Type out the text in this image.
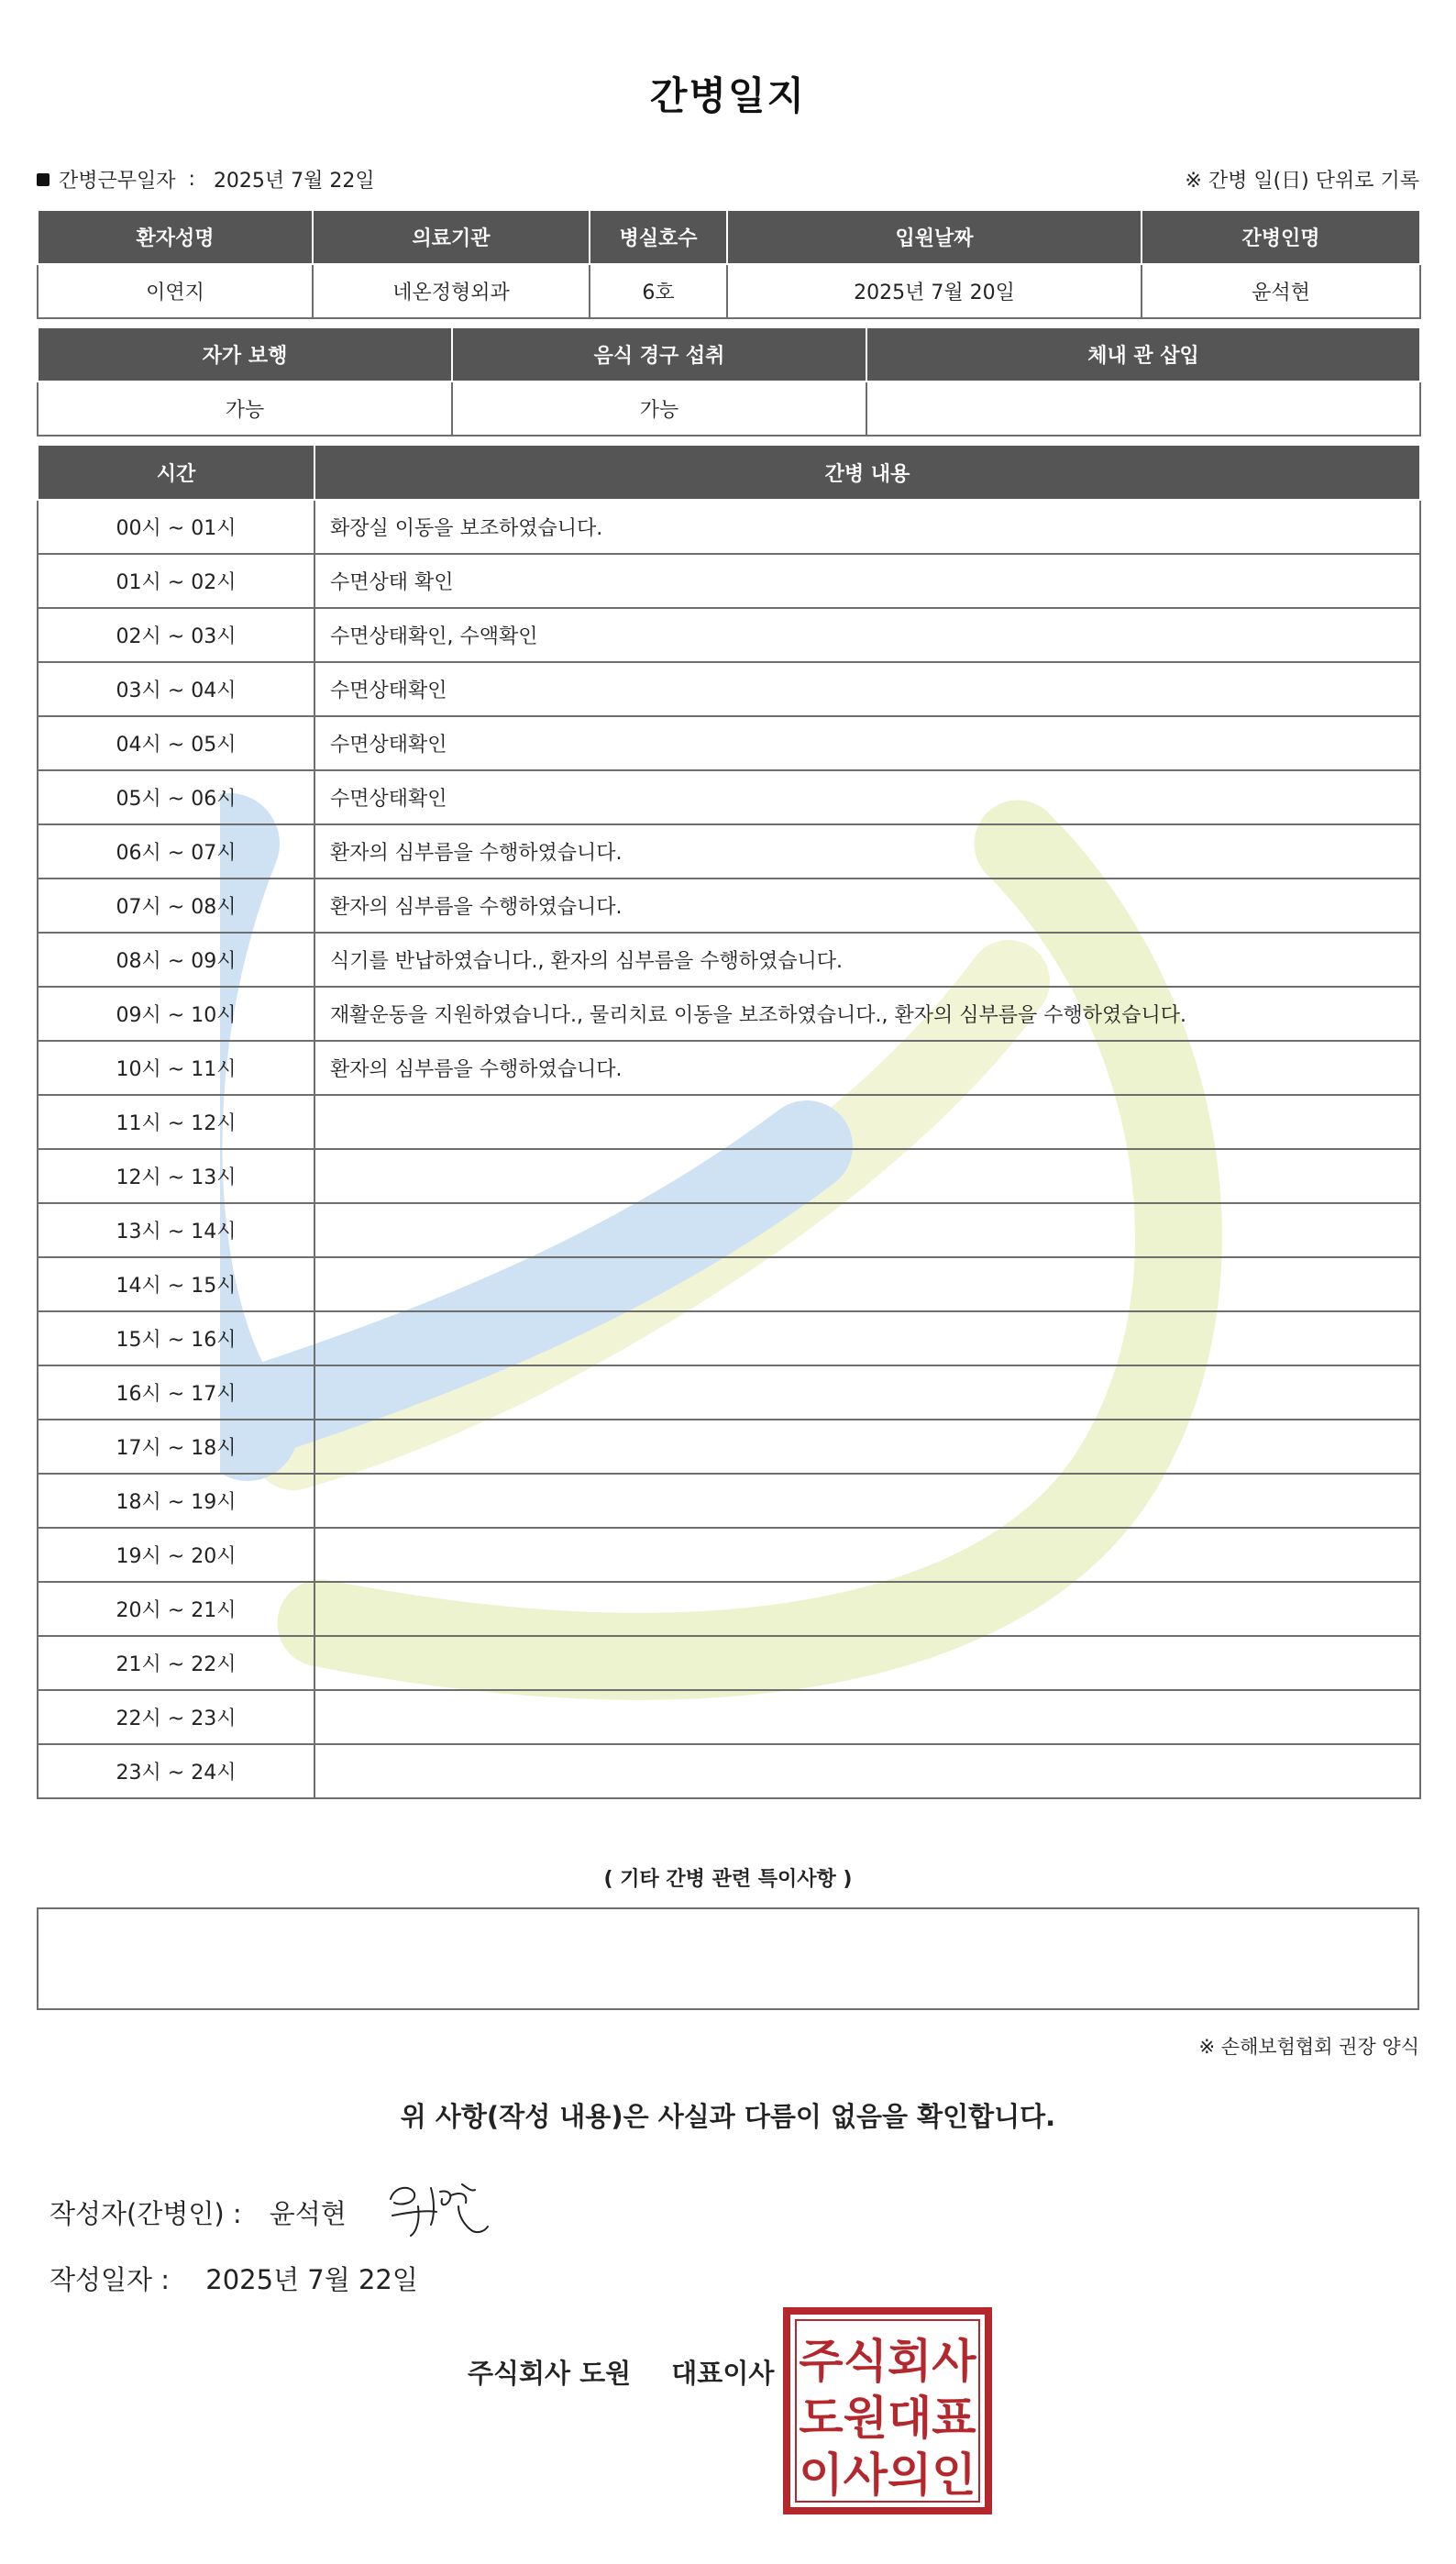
간병일지
간병근무일자 : 2025년 7월 22일	※ 간병 일(日) 단위로 기록
환자성명	의료기관	병실호수	입원날짜	간병인명
이연지	네온정형외과	6호	2025년 7월 20일	윤석현
자가 보행	음식 경구 섭취	체내 관 삽입
가능	가능	
시간	간병 내용
00시 ~ 01시	화장실 이동을 보조하였습니다.
01시 ~ 02시	수면상태 확인
02시 ~ 03시	수면상태확인, 수액확인
03시 ~ 04시	수면상태확인
04시 ~ 05시	수면상태확인
05시 ~ 06시	수면상태확인
06시 ~ 07시	환자의 심부름을 수행하였습니다.
07시 ~ 08시	환자의 심부름을 수행하였습니다.
08시 ~ 09시	식기를 반납하였습니다., 환자의 심부름을 수행하였습니다.
09시 ~ 10시	재활운동을 지원하였습니다., 물리치료 이동을 보조하였습니다., 환자의 심부름을 수행하였습니다.
10시 ~ 11시	환자의 심부름을 수행하였습니다.
11시 ~ 12시	
12시 ~ 13시	
13시 ~ 14시	
14시 ~ 15시	
15시 ~ 16시	
16시 ~ 17시	
17시 ~ 18시	
18시 ~ 19시	
19시 ~ 20시	
20시 ~ 21시	
21시 ~ 22시	
22시 ~ 23시	
23시 ~ 24시	
( 기타 간병 관련 특이사항 )
※ 손해보험협회 권장 양식
위 사항(작성 내용)은 사실과 다름이 없음을 확인합니다.
작성자(간병인) : 윤석현
작성일자 : 2025년 7월 22일
주식회사 도원 대표이사 주식회사
도원대표
이사의인
